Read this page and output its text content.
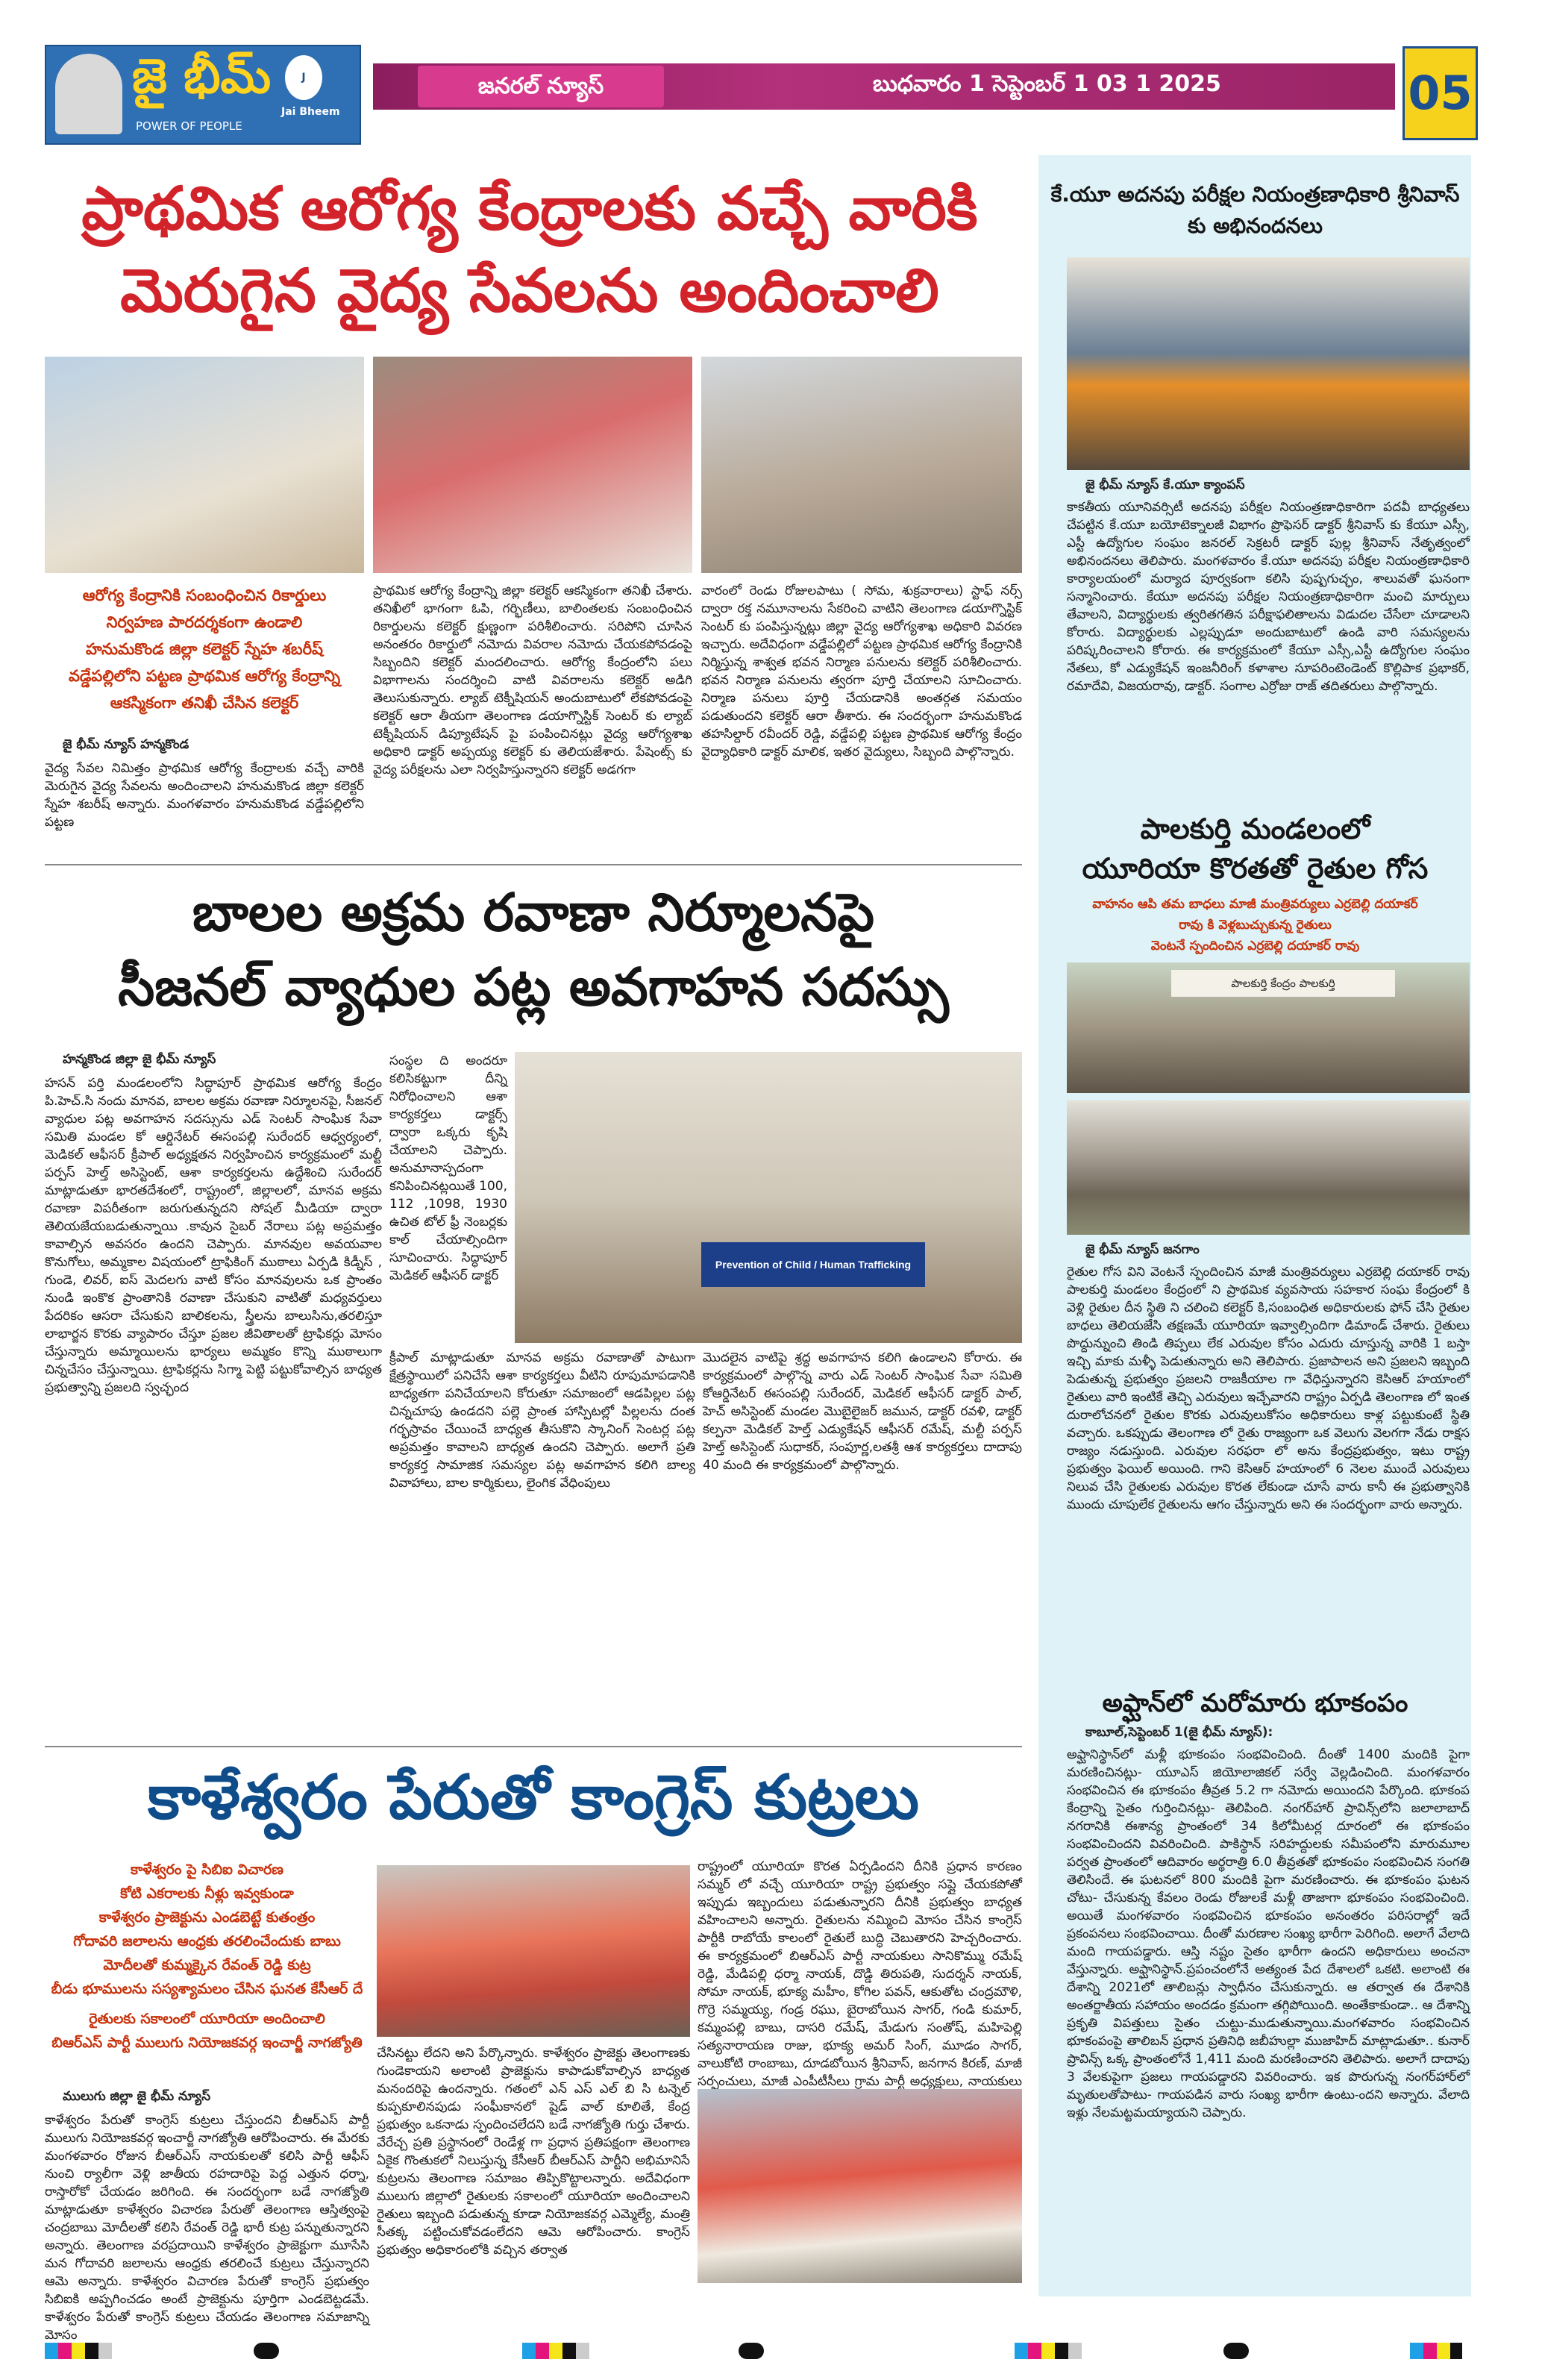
జై భీమ్
POWER OF PEOPLE
J
Jai Bheem
జనరల్ న్యూస్	బుధవారం 1 సెప్టెంబర్ 1 03 1 2025	05
ప్రాథమిక ఆరోగ్య కేంద్రాలకు వచ్చే వారికి
మెరుగైన వైద్య సేవలను అందించాలి
ఆరోగ్య కేంద్రానికి సంబంధించిన రికార్డులు
నిర్వహణ పారదర్శకంగా ఉండాలి
హనుమకొండ జిల్లా కలెక్టర్ స్నేహ శబరీష్
వడ్డేపల్లిలోని పట్టణ ప్రాథమిక ఆరోగ్య కేంద్రాన్ని
ఆకస్మికంగా తనిఖీ చేసిన కలెక్టర్
జై భీమ్ న్యూస్ హన్మకొండ
వైద్య సేవల నిమిత్తం ప్రాథమిక ఆరోగ్య కేంద్రాలకు వచ్చే వారికి మెరుగైన వైద్య సేవలను అందించాలని హనుమకొండ జిల్లా కలెక్టర్ స్నేహ శబరీష్ అన్నారు. మంగళవారం హనుమకొండ వడ్డేపల్లిలోని పట్టణ
ప్రాథమిక ఆరోగ్య కేంద్రాన్ని జిల్లా కలెక్టర్ ఆకస్మికంగా తనిఖీ చేశారు. తనిఖీలో భాగంగా ఓపి, గర్భిణీలు, బాలింతలకు సంబంధించిన రికార్డులను కలెక్టర్ క్షుణ్ణంగా పరిశీలించారు. సరిపోని చూసిన అనంతరం రికార్డులో నమోదు వివరాల నమోదు చేయకపోవడంపై సిబ్బందిని కలెక్టర్ మందలించారు. ఆరోగ్య కేంద్రంలోని పలు విభాగాలను సందర్శించి వాటి వివరాలను కలెక్టర్ అడిగి తెలుసుకున్నారు. ల్యాబ్ టెక్నీషియన్ అందుబాటులో లేకపోవడంపై కలెక్టర్ ఆరా తీయగా తెలంగాణ డయాగ్నొస్టిక్ సెంటర్ కు ల్యాబ్ టెక్నీషియన్ డిప్యూటేషన్ పై పంపించినట్లు వైద్య ఆరోగ్యశాఖ అధికారి డాక్టర్ అప్పయ్య కలెక్టర్ కు తెలియజేశారు. పేషెంట్స్ కు వైద్య పరీక్షలను ఎలా నిర్వహిస్తున్నారని కలెక్టర్ అడగగా
వారంలో రెండు రోజులపాటు ( సోమ, శుక్రవారాలు) స్టాఫ్ నర్స్ ద్వారా రక్త నమూనాలను సేకరించి వాటిని తెలంగాణ డయాగ్నొస్టిక్ సెంటర్ కు పంపిస్తున్నట్లు జిల్లా వైద్య ఆరోగ్యశాఖ అధికారి వివరణ ఇచ్చారు. అదేవిధంగా వడ్డేపల్లిలో పట్టణ ప్రాథమిక ఆరోగ్య కేంద్రానికి నిర్మిస్తున్న శాశ్వత భవన నిర్మాణ పనులను కలెక్టర్ పరిశీలించారు. భవన నిర్మాణ పనులను త్వరగా పూర్తి చేయాలని సూచించారు. నిర్మాణ పనులు పూర్తి చేయడానికి అంతర్గత సమయం పడుతుందని కలెక్టర్ ఆరా తీశారు. ఈ సందర్భంగా హనుమకొండ తహసిల్దార్ రవీందర్ రెడ్డి, వడ్డేపల్లి పట్టణ ప్రాథమిక ఆరోగ్య కేంద్రం వైద్యాధికారి డాక్టర్ మాలిక, ఇతర వైద్యులు, సిబ్బంది పాల్గొన్నారు.
బాలల అక్రమ రవాణా నిర్మూలనపై
సీజనల్ వ్యాధుల పట్ల అవగాహన సదస్సు
హన్మకొండ జిల్లా జై భీమ్ న్యూస్
హసన్ పర్తి మండలంలోని సిద్ధాపూర్ ప్రాథమిక ఆరోగ్య కేంద్రం పి.హెచ్.సి నందు మానవ, బాలల అక్రమ రవాణా నిర్మూలనపై, సీజనల్ వ్యాధుల పట్ల అవగాహన సదస్సును ఎడ్ సెంటర్ సాంఘిక సేవా సమితి మండల కో ఆర్డినేటర్ ఈసంపల్లి సురేందర్ ఆధ్వర్యంలో, మెడికల్ ఆఫీసర్ క్రీపాల్ అధ్యక్షతన నిర్వహించిన కార్యక్రమంలో మల్టీ పర్పస్ హెల్త్ అసిస్టెంట్, ఆశా కార్యకర్తలను ఉద్దేశించి సురేందర్ మాట్లాడుతూ భారతదేశంలో, రాష్ట్రంలో, జిల్లాలలో, మానవ అక్రమ రవాణా విపరీతంగా జరుగుతున్నదని సోషల్ మీడియా ద్వారా తెలియజేయబడుతున్నాయి .కావున సైబర్ నేరాలు పట్ల అప్రమత్తం కావాల్సిన అవసరం ఉందని చెప్పారు. మానవుల అవయవాల కొనుగోలు, అమ్మకాల విషయంలో ట్రాఫికింగ్ ముఠాలు ఏర్పడి కిడ్నీస్ , గుండె, లివర్, ఐస్ మెదలగు వాటి కోసం మానవులను ఒక ప్రాంతం నుండి ఇంకొక ప్రాంతానికి రవాణా చేసుకుని వాటితో మధ్యవర్తులు పేదరికం ఆసరా చేసుకుని బాలికలను, స్త్రీలను బాలుసిను,తరలిస్తూ లాభార్జన కొరకు వ్యాపారం చేస్తూ ప్రజల జీవితాలతో ట్రాఫికర్లు మోసం చేస్తున్నారు అమ్మాయిలను భార్యలు అమ్మకం కొన్ని ముఠాలుగా చిన్నచేసం చేస్తున్నాయి. ట్రాఫికర్లను సిగ్మా పెట్టి పట్టుకోవాల్సిన బాధ్యత ప్రభుత్వాన్ని ప్రజలది స్వచ్ఛంద
సంస్థల ది అందరూ కలిసికట్టుగా దీన్ని నిరోధించాలని ఆశా కార్యకర్తలు డాక్టర్స్ ద్వారా ఒక్కరు కృషి చేయాలని చెప్పారు. అనుమానాస్పదంగా కనిపించినట్లయితే 100, 112 ,1098, 1930 ఉచిత టోల్ ఫ్రీ నెంబర్లకు కాల్ చేయాల్సిందిగా సూచించారు. సిద్ధాపూర్ మెడికల్ ఆఫీసర్ డాక్టర్
Prevention of Child / Human Trafficking
క్రీపాల్ మాట్లాడుతూ మానవ అక్రమ రవాణాతో పాటుగా క్షేత్రస్థాయిలో పనిచేసే ఆశా కార్యకర్తలు వీటిని రూపుమాపడానికి బాధ్యతగా పనిచేయాలని కోరుతూ సమాజంలో ఆడపిల్లల పట్ల చిన్నచూపు ఉండదని పల్లె ప్రాంత హాస్పిటల్లో పిల్లలను దంత గర్భస్రావం చేయించే బాధ్యత తీసుకొని స్కానింగ్ సెంటర్ల పట్ల అప్రమత్తం కావాలని బాధ్యత ఉందని చెప్పారు. అలాగే ప్రతి కార్యకర్త సామాజిక సమస్యల పట్ల అవగాహన కలిగి బాల్య వివాహాలు, బాల కార్మికులు, లైంగిక వేధింపులు
మొదలైన వాటిపై శ్రద్ధ అవగాహన కలిగి ఉండాలని కోరారు. ఈ కార్యక్రమంలో పాల్గొన్న వారు ఎడ్ సెంటర్ సాంఘిక సేవా సమితి కోఆర్డినేటర్ ఈసంపల్లి సురేందర్, మెడికల్ ఆఫీసర్ డాక్టర్ పాల్, హెచ్ అసిస్టెంట్ మండల మొబైలైజర్ జమున, డాక్టర్ రవళి, డాక్టర్ కల్పనా మెడికల్ హెల్త్ ఎడ్యుకేషన్ ఆఫీసర్ రమేష్, మల్టీ పర్పస్ హెల్త్ అసిస్టెంట్ సుధాకర్, సంపూర్ణ,లతశ్రీ ఆశ కార్యకర్తలు దాదాపు 40 మంది ఈ కార్యక్రమంలో పాల్గొన్నారు.
కాళేశ్వరం పేరుతో కాంగ్రెస్ కుట్రలు
కాళేశ్వరం పై సిబిఐ విచారణ
కోటి ఎకరాలకు నీళ్లు ఇవ్వకుండా
కాళేశ్వరం ప్రాజెక్టును ఎండబెట్టే కుతంత్రం
గోదావరి జలాలను ఆంధ్రకు తరలించేందుకు బాబు
మోదీలతో కుమ్మక్కైన రేవంత్ రెడ్డి కుట్ర
బీడు భూములను సస్యశ్యామలం చేసిన ఘనత కేసీఆర్ దే
రైతులకు సకాలంలో యూరియా అందించాలి
బిఆర్ఎస్ పార్టీ ములుగు నియోజకవర్గ ఇంచార్జీ నాగజ్యోతి
ములుగు జిల్లా జై భీమ్ న్యూస్
కాళేశ్వరం పేరుతో కాంగ్రెస్ కుట్రలు చేస్తుందని బీఆర్ఎస్ పార్టీ ములుగు నియోజకవర్గ ఇంచార్జీ నాగజ్యోతి ఆరోపించారు. ఈ మేరకు మంగళవారం రోజున బీఆర్ఎస్ నాయకులతో కలిసి పార్టీ ఆఫీస్ నుంచి ర్యాలీగా వెళ్లి జాతీయ రహదారిపై పెద్ద ఎత్తున ధర్నా, రాస్తారోకో చేయడం జరిగింది. ఈ సందర్భంగా బడే నాగజ్యోతి మాట్లాడుతూ కాళేశ్వరం విచారణ పేరుతో తెలంగాణ ఆస్తిత్వంపై చంద్రబాబు మోదీలతో కలిసి రేవంత్ రెడ్డి భారీ కుట్ర పన్నుతున్నారని అన్నారు. తెలంగాణ వరప్రదాయిని కాళేశ్వరం ప్రాజెక్టుగా మూసేసి మన గోదావరి జలాలను ఆంధ్రకు తరలించే కుట్రలు చేస్తున్నారని ఆమె అన్నారు. కాళేశ్వరం విచారణ పేరుతో కాంగ్రెస్ ప్రభుత్వం సిబిఐకి అప్పగించడం అంటే ప్రాజెక్టును పూర్తిగా ఎండబెట్టడమే. కాళేశ్వరం పేరుతో కాంగ్రెస్ కుట్రలు చేయడం తెలంగాణ సమాజాన్ని మోసం
చేసినట్టు లేదని అని పేర్కొన్నారు. కాళేశ్వరం ప్రాజెక్టు తెలంగాణకు గుండెకాయని అలాంటి ప్రాజెక్టును కాపాడుకోవాల్సిన బాధ్యత మనందరిపై ఉందన్నారు. గతంలో ఎన్ ఎస్ ఎల్ బి సి టన్నెల్ కుప్పకూలినపుడు సంఘీకానలో షైడ్ వాల్ కూలితే, కేంద్ర ప్రభుత్వం ఒకనాడు స్పందించలేదని బడే నాగజ్యోతి గుర్తు చేశారు. వేరేచ్చ ప్రతి ప్రస్థానంలో రెండేళ్ల గా ప్రధాన ప్రతిపక్షంగా తెలంగాణ ఏకైక గొంతుకలో నిలుస్తున్న కేసీఆర్ బీఆర్ఎస్ పార్టీని అభిమానిసే కుట్రలను తెలంగాణ సమాజం తిప్పికొట్టాలన్నారు. అదేవిధంగా ములుగు జిల్లాలో రైతులకు సకాలంలో యూరియా అందించాలని రైతులు ఇబ్బంది పడుతున్న కూడా నియోజకవర్గ ఎమ్మెల్యే, మంత్రి సీతక్క పట్టించుకోవడంలేదని ఆమె ఆరోపించారు. కాంగ్రెస్ ప్రభుత్వం అధికారంలోకి వచ్చిన తర్వాత
రాష్ట్రంలో యూరియా కొరత ఏర్పడిందని దీనికి ప్రధాన కారణం సమ్మర్ లో వచ్చే యూరియా రాష్ట్ర ప్రభుత్వం సప్లై చేయకపోతో ఇప్పుడు ఇబ్బందులు పడుతున్నారని దీనికి ప్రభుత్వం బాధ్యత వహించాలని అన్నారు. రైతులను నమ్మించి మోసం చేసిన కాంగ్రెస్ పార్టీకి రాబోయే కాలంలో రైతులే బుద్ధి చెబుతారని హెచ్చరించారు. ఈ కార్యక్రమంలో బిఆర్ఎస్ పార్టీ నాయకులు సానికొమ్ము రమేష్ రెడ్డి, మేడిపల్లి ధర్మా నాయక్, దొడ్డి తిరుపతి, సుదర్శన్ నాయక్, సోమా నాయక్, భూక్య మహీం, కోగిల పవన్, ఆకుతోట చంద్రమౌళి, గొర్రె సమ్మయ్య, గండ్ర రఘు, బైరాబోయిన సాగర్, గండి కుమార్, కమ్మంపల్లి బాబు, దాసరి రమేష్, మేడుగు సంతోష్, మహిపెల్లి సత్యనారాయణ రాజు, భూక్య అమర్ సింగ్, మూడం సాగర్, వాలుకోటి రాంబాబు, దూడబోయిన శ్రీనివాస్, జనగాన కిరణ్, మాజీ సర్పంచులు, మాజీ ఎంపీటీసీలు గ్రామ పార్టీ అధ్యక్షులు, నాయకులు
కే.యూ అదనపు పరీక్షల నియంత్రణాధికారి శ్రీనివాస్ కు అభినందనలు
జై భీమ్ న్యూస్ కే.యూ క్యాంపస్
కాకతీయ యూనివర్సిటీ అదనపు పరీక్షల నియంత్రణాధికారిగా పదవీ బాధ్యతలు చేపట్టిన కే.యూ బయోటెక్నాలజీ విభాగం ప్రొఫెసర్ డాక్టర్ శ్రీనివాస్ కు కేయూ ఎస్సీ, ఎస్టీ ఉద్యోగుల సంఘం జనరల్ సెక్రటరీ డాక్టర్ పుల్ల శ్రీనివాస్ నేతృత్వంలో అభినందనలు తెలిపారు. మంగళవారం కే.యూ అదనపు పరీక్షల నియంత్రణాధికారి కార్యాలయంలో మర్యాద పూర్వకంగా కలిసి పుష్పగుచ్ఛం, శాలువతో ఘనంగా సన్మానించారు. కేయూ అదనపు పరీక్షల నియంత్రణాధికారిగా మంచి మార్పులు తేవాలని, విద్యార్థులకు త్వరితగతిన పరీక్షాఫలితాలను విడుదల చేసేలా చూడాలని కోరారు. విద్యార్థులకు ఎల్లప్పుడూ అందుబాటులో ఉండి వారి సమస్యలను పరిష్కరించాలని కోరారు. ఈ కార్యక్రమంలో కేయూ ఎస్సీ,ఎస్టీ ఉద్యోగుల సంఘం నేతలు, కో ఎడ్యుకేషన్ ఇంజనీరింగ్ కళాశాల సూపరింటెండెంట్ కొల్లిపాక ప్రభాకర్, రమాదేవి, విజయరావు, డాక్టర్. సంగాల ఎర్రోజు రాజ్ తదితరులు పాల్గొన్నారు.
పాలకుర్తి మండలంలో
యూరియా కొరతతో రైతుల గోస
వాహనం ఆపి తమ బాధలు మాజీ మంత్రివర్యులు ఎర్రబెల్లి దయాకర్
రావు కి వెళ్లబుచ్చుకున్న రైతులు
వెంటనే స్పందించిన ఎర్రబెల్లి దయాకర్ రావు
పాలకుర్తి కేంద్రం పాలకుర్తి
జై భీమ్ న్యూస్ జనగాం
రైతుల గోస విని వెంటనే స్పందించిన మాజీ మంత్రివర్యులు ఎర్రబెల్లి దయాకర్ రావు పాలకుర్తి మండలం కేంద్రంలో ని ప్రాథమిక వ్యవసాయ సహకార సంఘ కేంద్రంలో కి వెళ్లి రైతుల దీన స్థితి ని చలించి కలెక్టర్ కి,సంబంధిత అధికారులకు ఫోన్ చేసి రైతుల బాధలు తెలియజేసి తక్షణమే యూరియా ఇవ్వాల్సిందిగా డిమాండ్ చేశారు. రైతులు పొద్దున్నుంచి తిండి తిప్పలు లేక ఎరువుల కోసం ఎదురు చూస్తున్న వారికి 1 బస్తా ఇచ్చి మాకు మళ్ళీ పెడుతున్నారు అని తెలిపారు. ప్రజాపాలన అని ప్రజలని ఇబ్బంది పెడుతున్న ప్రభుత్వం ప్రజలని రాజకీయాల గా వేధిస్తున్నారని కెసిఆర్ హయాంలో రైతులు వారి ఇంటికే తెచ్చి ఎరువులు ఇచ్చేవారని రాష్ట్రం ఏర్పడి తెలంగాణ లో ఇంత దురాలోచనలో రైతుల కొరకు ఎరువులుకోసం అధికారులు కాళ్ల పట్టుకుంటే స్థితి వచ్చారు. ఒకప్పుడు తెలంగాణ లో రైతు రాజ్యంగా ఒక వెలుగు వెలగగా నేడు రాక్షస రాజ్యం నడుస్తుంది. ఎరువుల సరఫరా లో అను కేంద్రప్రభుత్వం, ఇటు రాష్ట్ర ప్రభుత్వం ఫెయిల్ అయింది. గాని కెసిఆర్ హయాంలో 6 నెలల ముందే ఎరువులు నిలువ చేసి రైతులకు ఎరువుల కొరత లేకుండా చూసే వారు కానీ ఈ ప్రభుత్వానికి ముందు చూపులేక రైతులను ఆగం చేస్తున్నారు అని ఈ సందర్భంగా వారు అన్నారు.
అఫ్ఘాన్‌లో మరోమారు భూకంపం
కాబూల్,సెప్టెంబర్ 1(జై భీమ్ న్యూస్):
అఫ్ఘానిస్థాన్‌లో మళ్లీ భూకంపం సంభవించింది. దీంతో 1400 మందికి పైగా మరణించినట్లు- యూఎస్ జియోలాజికల్ సర్వే వెల్లడించింది. మంగళవారం సంభవించిన ఈ భూకంపం తీవ్రత 5.2 గా నమోదు అయిందని పేర్కొంది. భూకంప కేంద్రాన్ని సైతం గుర్తించినట్లు- తెలిపింది. నంగర్‌హార్ ప్రావిన్స్‌లోని జలాలాబాద్ నగరానికి ఈశాన్య ప్రాంతంలో 34 కిలోమీటర్ల దూరంలో ఈ భూకంపం సంభవించిందని వివరించింది. పాకిస్థాన్ సరిహద్దులకు సమీపంలోని మారుమూల పర్వత ప్రాంతంలో ఆదివారం అర్థరాత్రి 6.0 తీవ్రతతో భూకంపం సంభవించిన సంగతి తెలిసిందే. ఈ ఘటనలో 800 మందికి పైగా మరణించారు. ఈ భూకంపం ఘటన చోటు- చేసుకున్న కేవలం రెండు రోజులకే మళ్లీ తాజాగా భూకంపం సంభవించింది. అయితే మంగళవారం సంభవించిన భూకంపం అనంతరం పరిసరాల్లో ఇదే ప్రకంపనలు సంభవించాయి. దీంతో మరణాల సంఖ్య భారీగా పెరిగింది. అలాగే వేలాది మంది గాయపడ్డారు. ఆస్తి నష్టం సైతం భారీగా ఉందని అధికారులు అంచనా వేస్తున్నారు. అఫ్ఘానిస్థాన్‌.ప్రపంచంలోనే అత్యంత పేద దేశాలలో ఒకటి. అలాంటి ఈ దేశాన్ని 2021లో తాలిబన్లు స్వాధీనం చేసుకున్నారు. ఆ తర్వాత ఈ దేశానికి అంతర్జాతీయ సహాయం అందడం క్రమంగా తగ్గిపోయింది. అంతేకాకుండా.. ఆ దేశాన్ని ప్రకృతి విపత్తులు సైతం చుట్టు-ముడుతున్నాయి.మంగళవారం సంభవించిన భూకంపంపై తాలిబన్ ప్రధాన ప్రతినిధి జబీహుల్లా ముజాహిద్ మాట్లాడుతూ.. కునార్ ప్రావిన్స్ ఒక్క ప్రాంతంలోనే 1,411 మంది మరణించారని తెలిపారు. అలాగే దాదాపు 3 వేలకుపైగా ప్రజలు గాయపడ్డారని వివరించారు. ఇక పొరుగున్న నంగర్‌హార్‌లో మృతులతోపాటు- గాయపడిన వారు సంఖ్య భారీగా ఉంటు-ందని అన్నారు. వేలాది ఇళ్లు నేలమట్టమయ్యాయని చెప్పారు.
